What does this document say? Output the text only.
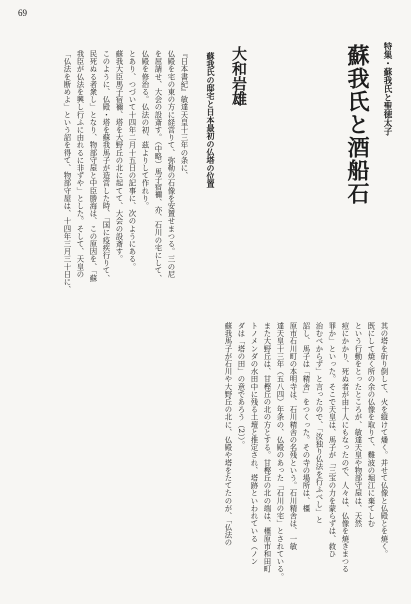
69
特集・蘇我氏と聖徳太子
蘇我氏と酒船石
大和岩雄
蘇我氏の邸宅と日本最初の仏塔の位置
『日本書紀』敏達天皇十三年の条に、
仏殿を宅の東の方に経営りて、弥勒の石像を安置せまつる。三の尼
を屈請せ、大会の設斎す。（中略）馬子宿禰、亦、石川の宅にして、
仏殿を修治る。仏法の初、茲よりして作れり。
とあり、つづいて十四年二月十五日の記事に、次のようにある。
蘇我大臣馬子宿禰、塔を大野丘の北に起てて、大会の設斎す。
このように、仏殿・塔を蘇我馬子が造営した時、「国に疫疾行りて、
民死ぬる者衆し」となり、物部守屋と中臣勝海は、この原因を、「蘇
我臣が仏法を興し行ふに由れるに非ずや」とした。そして、天皇の
「仏法を断めよ」という詔を得て、物部守屋は、十四年三月三十日に、
其の塔を斫り倒して、火を縦けて燔く。并せて仏像と仏殿とを焼く。
既にして焼く所の余の仏像を取りて、難波の堀江に棄てしむ
という行動をとったところが、敏達天皇や物部守屋は、天然
痘にかかり、死ぬ者が由十人にもなったので、人々は、仏像を焼きまつる
罪か」といった。そこで天皇は、馬子が「三宝の力を蒙らずは、救ひ
治むべからず」と言ったので、「汝独り仏法を行ふべし」と
詔し、馬子は「精舎」をつくった。その寺の場所は、橿
原市石川町の本明寺は、石川精舎の名残という。石川精舎は、一敏
達天皇十三年（五八四）年条の、仏殿のあった「石川の宅」とされている。
また大野丘は、甘樫丘の北の方とする。甘樫丘の北の端は、橿原市和田町
トノメンダの水田中に残る土壇と推定され、塔跡といわれている（ノン
ダは「塔の田」の意であろう（2））。
蘇我馬子が石川や大野丘の北に、仏殿や塔をたてたのが、「仏法の
